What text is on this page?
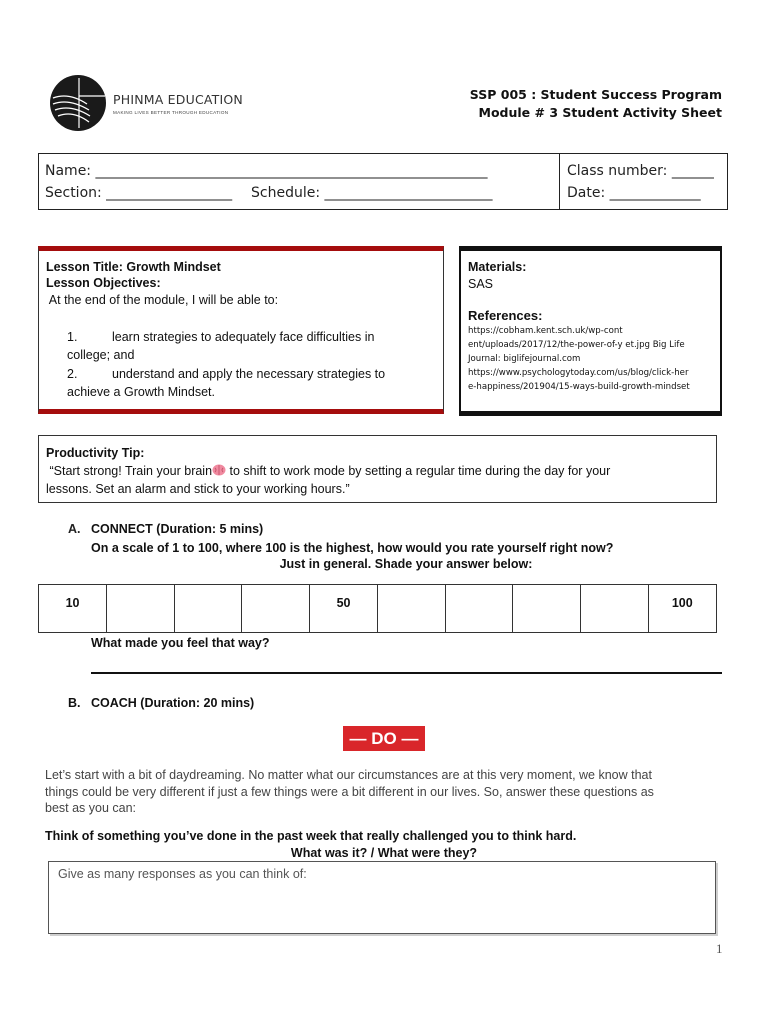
PHINMA EDUCATION
MAKING LIVES BETTER THROUGH EDUCATION
SSP 005 : Student Success Program
Module # 3 Student Activity Sheet
Name: ________________________________________________________
Section: __________________ Schedule: ________________________
Class number: ______
Date: _____________
Lesson Title: Growth Mindset
Lesson Objectives:
At the end of the module, I will be able to:
1.	learn strategies to adequately face difficulties in
college; and
2.	understand and apply the necessary strategies to
achieve a Growth Mindset.
Materials:
SAS
References:
https://cobham.kent.sch.uk/wp-cont
ent/uploads/2017/12/the-power-of-y et.jpg Big Life
Journal: biglifejournal.com
https://www.psychologytoday.com/us/blog/click-her
e-happiness/201904/15-ways-build-growth-mindset
Productivity Tip:
“Start strong! Train your brain to shift to work mode by setting a regular time during the day for your
lessons. Set an alarm and stick to your working hours.”
A. CONNECT (Duration: 5 mins)
On a scale of 1 to 100, where 100 is the highest, how would you rate yourself right now?
Just in general. Shade your answer below:
10				50					100
What made you feel that way?
B. COACH (Duration: 20 mins)
— DO —
Let’s start with a bit of daydreaming. No matter what our circumstances are at this very moment, we know that
things could be very different if just a few things were a bit different in our lives. So, answer these questions as
best as you can:
Think of something you’ve done in the past week that really challenged you to think hard.
What was it? / What were they?
Give as many responses as you can think of:
1
